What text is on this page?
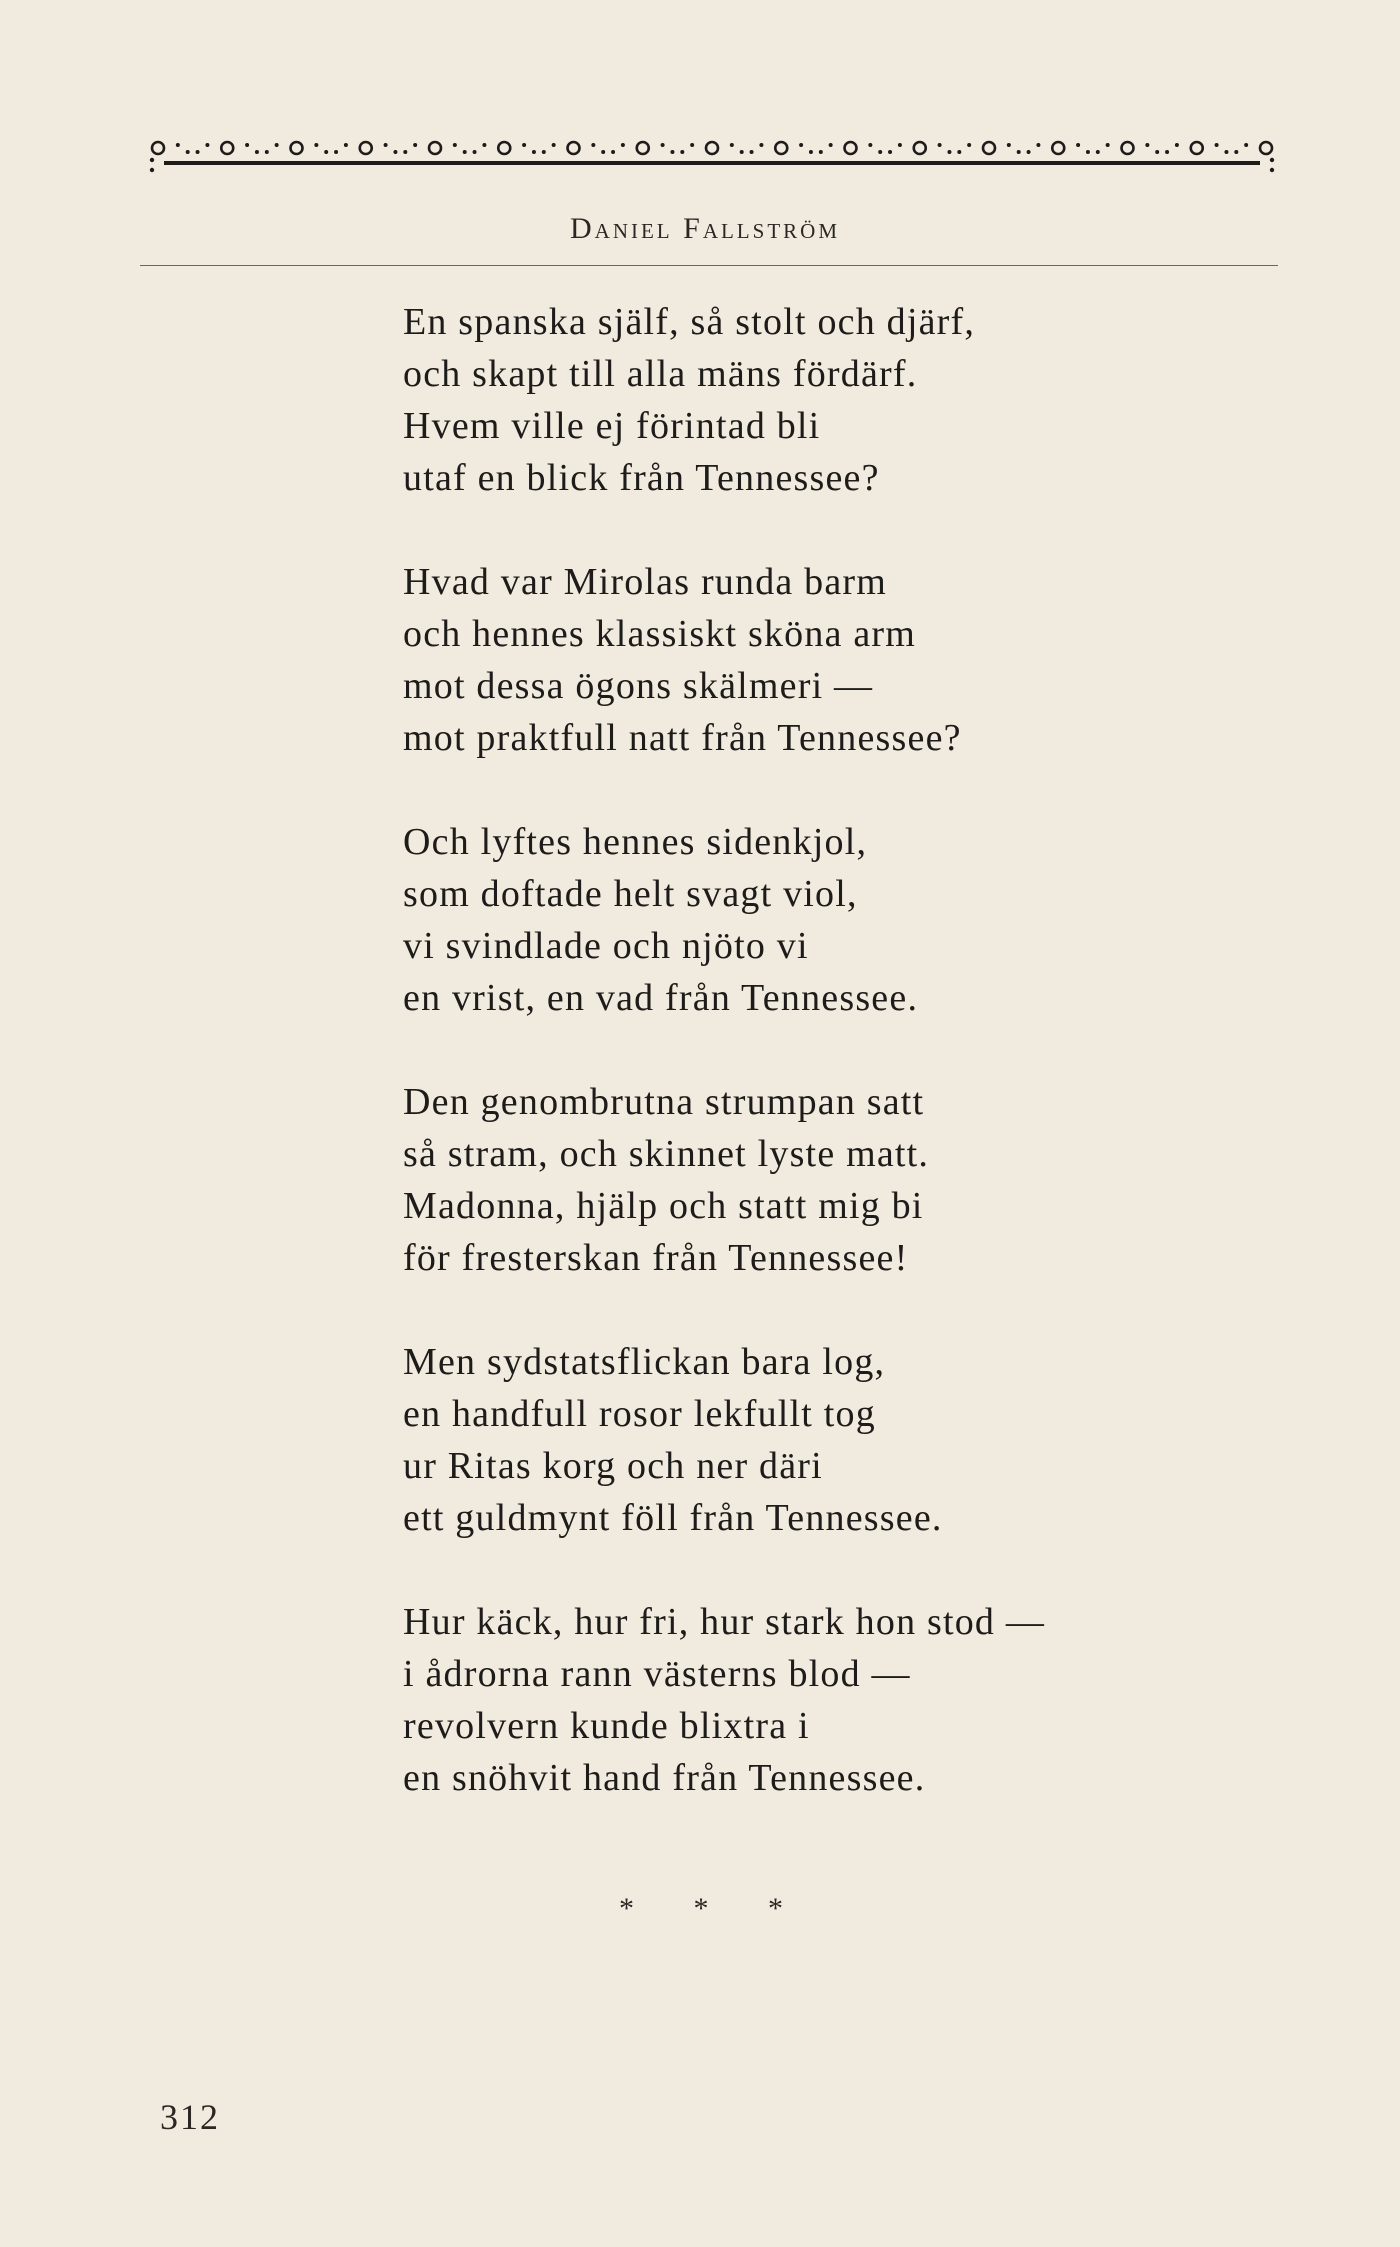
Daniel Fallström
En spanska själf, så stolt och djärf,
och skapt till alla mäns fördärf.
Hvem ville ej förintad bli
utaf en blick från Tennessee?
Hvad var Mirolas runda barm
och hennes klassiskt sköna arm
mot dessa ögons skälmeri —
mot praktfull natt från Tennessee?
Och lyftes hennes sidenkjol,
som doftade helt svagt viol,
vi svindlade och njöto vi
en vrist, en vad från Tennessee.
Den genombrutna strumpan satt
så stram, och skinnet lyste matt.
Madonna, hjälp och statt mig bi
för fresterskan från Tennessee!
Men sydstatsflickan bara log,
en handfull rosor lekfullt tog
ur Ritas korg och ner däri
ett guldmynt föll från Tennessee.
Hur käck, hur fri, hur stark hon stod —
i ådrorna rann västerns blod —
revolvern kunde blixtra i
en snöhvit hand från Tennessee.
* * *
312
